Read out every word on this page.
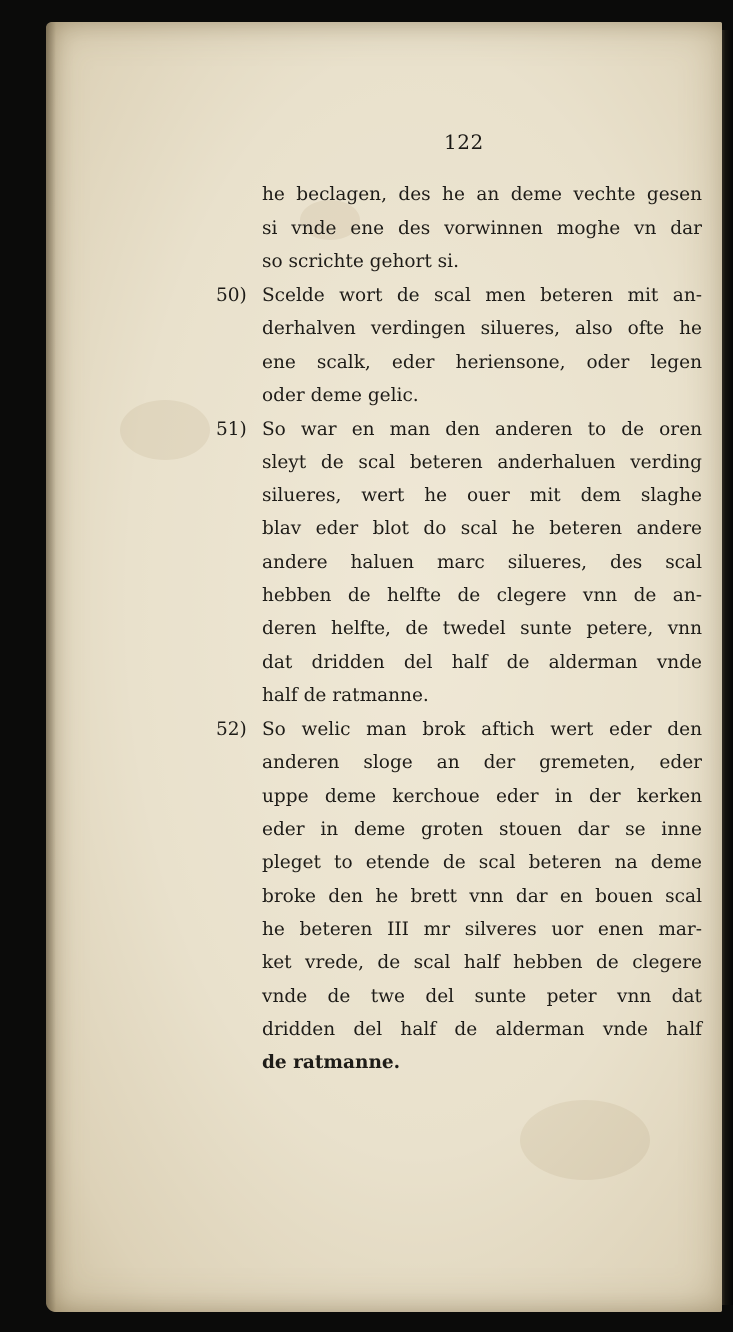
122
he beclagen, des he an deme vechte gesen
si vnde ene des vorwinnen moghe vn dar
so scrichte gehort si.
50) Scelde wort de scal men beteren mit an-
derhalven verdingen silueres, also ofte he
ene scalk, eder heriensone, oder legen
oder deme gelic.
51) So war en man den anderen to de oren
sleyt de scal beteren anderhaluen verding
silueres, wert he ouer mit dem slaghe
blav eder blot do scal he beteren andere
andere haluen marc silueres, des scal
hebben de helfte de clegere vnn de an-
deren helfte, de twedel sunte petere, vnn
dat dridden del half de alderman vnde
half de ratmanne.
52) So welic man brok aftich wert eder den
anderen sloge an der gremeten, eder
uppe deme kerchoue eder in der kerken
eder in deme groten stouen dar se inne
pleget to etende de scal beteren na deme
broke den he brett vnn dar en bouen scal
he beteren III mr silveres uor enen mar-
ket vrede, de scal half hebben de clegere
vnde de twe del sunte peter vnn dat
dridden del half de alderman vnde half
de ratmanne.
